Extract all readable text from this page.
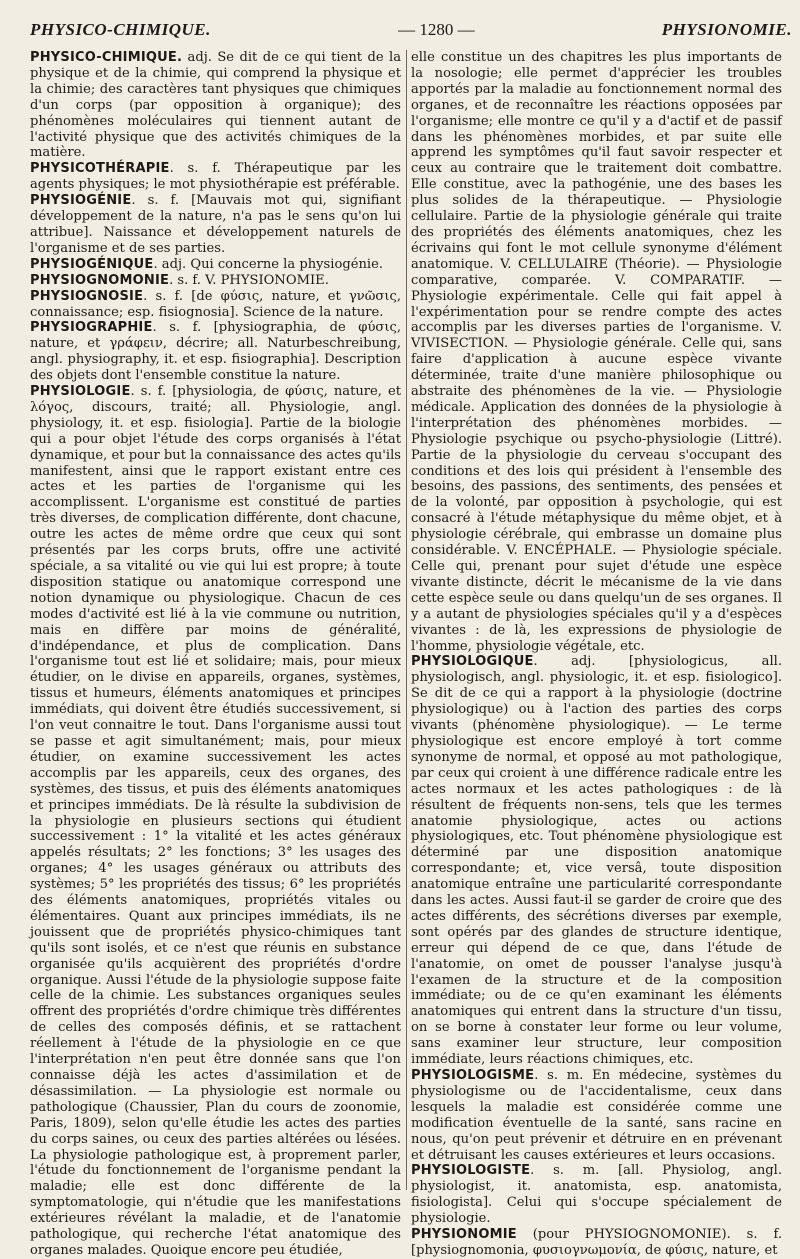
PHYSICO-CHIMIQUE.	— 1280 —	PHYSIONOMIE.

PHYSICO-CHIMIQUE. adj. Se dit de ce qui tient de la physique et de la chimie, qui comprend la physique et la chimie; des caractères tant physiques que chimiques d'un corps (par opposition à organique); des phénomènes moléculaires qui tiennent autant de l'activité physique que des activités chimiques de la matière.

PHYSICOTHÉRAPIE. s. f. Thérapeutique par les agents physiques; le mot physiothérapie est préférable.

PHYSIOGÉNIE. s. f. [Mauvais mot qui, signifiant développement de la nature, n'a pas le sens qu'on lui attribue]. Naissance et développement naturels de l'organisme et de ses parties.

PHYSIOGÉNIQUE. adj. Qui concerne la physiogénie.

PHYSIOGNOMONIE. s. f. V. PHYSIONOMIE.

PHYSIOGNOSIE. s. f. [de φύσις, nature, et γνῶσις, connaissance; esp. fisiognosia]. Science de la nature.

PHYSIOGRAPHIE. s. f. [physiographia, de φύσις, nature, et γράφειν, décrire; all. Naturbeschreibung, angl. physiography, it. et esp. fisiographia]. Description des objets dont l'ensemble constitue la nature.

PHYSIOLOGIE. s. f. [physiologia, de φύσις, nature, et λόγος, discours, traité; all. Physiologie, angl. physiology, it. et esp. fisiologia]. Partie de la biologie qui a pour objet l'étude des corps organisés à l'état dynamique, et pour but la connaissance des actes qu'ils manifestent, ainsi que le rapport existant entre ces actes et les parties de l'organisme qui les accomplissent. L'organisme est constitué de parties très diverses, de complication différente, dont chacune, outre les actes de même ordre que ceux qui sont présentés par les corps bruts, offre une activité spéciale, a sa vitalité ou vie qui lui est propre; à toute disposition statique ou anatomique correspond une notion dynamique ou physiologique. Chacun de ces modes d'activité est lié à la vie commune ou nutrition, mais en diffère par moins de généralité, d'indépendance, et plus de complication. Dans l'organisme tout est lié et solidaire; mais, pour mieux étudier, on le divise en appareils, organes, systèmes, tissus et humeurs, éléments anatomiques et principes immédiats, qui doivent être étudiés successivement, si l'on veut connaitre le tout. Dans l'organisme aussi tout se passe et agit simultanément; mais, pour mieux étudier, on examine successivement les actes accomplis par les appareils, ceux des organes, des systèmes, des tissus, et puis des éléments anatomiques et principes immédiats. De là résulte la subdivision de la physiologie en plusieurs sections qui étudient successivement : 1° la vitalité et les actes généraux appelés résultats; 2° les fonctions; 3° les usages des organes; 4° les usages généraux ou attributs des systèmes; 5° les propriétés des tissus; 6° les propriétés des éléments anatomiques, propriétés vitales ou élémentaires. Quant aux principes immédiats, ils ne jouissent que de propriétés physico-chimiques tant qu'ils sont isolés, et ce n'est que réunis en substance organisée qu'ils acquièrent des propriétés d'ordre organique. Aussi l'étude de la physiologie suppose faite celle de la chimie. Les substances organiques seules offrent des propriétés d'ordre chimique très différentes de celles des composés définis, et se rattachent réellement à l'étude de la physiologie en ce que l'interprétation n'en peut être donnée sans que l'on connaisse déjà les actes d'assimilation et de désassimilation. — La physiologie est normale ou pathologique (Chaussier, Plan du cours de zoonomie, Paris, 1809), selon qu'elle étudie les actes des parties du corps saines, ou ceux des parties altérées ou lésées. La physiologie pathologique est, à proprement parler, l'étude du fonctionnement de l'organisme pendant la maladie; elle est donc différente de la symptomatologie, qui n'étudie que les manifestations extérieures révélant la maladie, et de l'anatomie pathologique, qui recherche l'état anatomique des organes malades. Quoique encore peu étudiée,

elle constitue un des chapitres les plus importants de la nosologie; elle permet d'apprécier les troubles apportés par la maladie au fonctionnement normal des organes, et de reconnaître les réactions opposées par l'organisme; elle montre ce qu'il y a d'actif et de passif dans les phénomènes morbides, et par suite elle apprend les symptômes qu'il faut savoir respecter et ceux au contraire que le traitement doit combattre. Elle constitue, avec la pathogénie, une des bases les plus solides de la thérapeutique. — Physiologie cellulaire. Partie de la physiologie générale qui traite des propriétés des éléments anatomiques, chez les écrivains qui font le mot cellule synonyme d'élément anatomique. V. CELLULAIRE (Théorie). — Physiologie comparative, comparée. V. COMPARATIF. — Physiologie expérimentale. Celle qui fait appel à l'expérimentation pour se rendre compte des actes accomplis par les diverses parties de l'organisme. V. VIVISECTION. — Physiologie générale. Celle qui, sans faire d'application à aucune espèce vivante déterminée, traite d'une manière philosophique ou abstraite des phénomènes de la vie. — Physiologie médicale. Application des données de la physiologie à l'interprétation des phénomènes morbides. — Physiologie psychique ou psycho-physiologie (Littré). Partie de la physiologie du cerveau s'occupant des conditions et des lois qui président à l'ensemble des besoins, des passions, des sentiments, des pensées et de la volonté, par opposition à psychologie, qui est consacré à l'étude métaphysique du même objet, et à physiologie cérébrale, qui embrasse un domaine plus considérable. V. ENCÉPHALE. — Physiologie spéciale. Celle qui, prenant pour sujet d'étude une espèce vivante distincte, décrit le mécanisme de la vie dans cette espèce seule ou dans quelqu'un de ses organes. Il y a autant de physiologies spéciales qu'il y a d'espèces vivantes : de là, les expressions de physiologie de l'homme, physiologie végétale, etc.

PHYSIOLOGIQUE. adj. [physiologicus, all. physiologisch, angl. physiologic, it. et esp. fisiologico]. Se dit de ce qui a rapport à la physiologie (doctrine physiologique) ou à l'action des parties des corps vivants (phénomène physiologique). — Le terme physiologique est encore employé à tort comme synonyme de normal, et opposé au mot pathologique, par ceux qui croient à une différence radicale entre les actes normaux et les actes pathologiques : de là résultent de fréquents non-sens, tels que les termes anatomie physiologique, actes ou actions physiologiques, etc. Tout phénomène physiologique est déterminé par une disposition anatomique correspondante; et, vice versâ, toute disposition anatomique entraîne une particularité correspondante dans les actes. Aussi faut-il se garder de croire que des actes différents, des sécrétions diverses par exemple, sont opérés par des glandes de structure identique, erreur qui dépend de ce que, dans l'étude de l'anatomie, on omet de pousser l'analyse jusqu'à l'examen de la structure et de la composition immédiate; ou de ce qu'en examinant les éléments anatomiques qui entrent dans la structure d'un tissu, on se borne à constater leur forme ou leur volume, sans examiner leur structure, leur composition immédiate, leurs réactions chimiques, etc.

PHYSIOLOGISME. s. m. En médecine, systèmes du physiologisme ou de l'accidentalisme, ceux dans lesquels la maladie est considérée comme une modification éventuelle de la santé, sans racine en nous, qu'on peut prévenir et détruire en en prévenant et détruisant les causes extérieures et leurs occasions.

PHYSIOLOGISTE. s. m. [all. Physiolog, angl. physiologist, it. anatomista, esp. anatomista, fisiologista]. Celui qui s'occupe spécialement de physiologie.

PHYSIONOMIE (pour PHYSIOGNOMONIE). s. f. [physiognomonia, φυσιογνωμονία, de φύσις, nature, et
